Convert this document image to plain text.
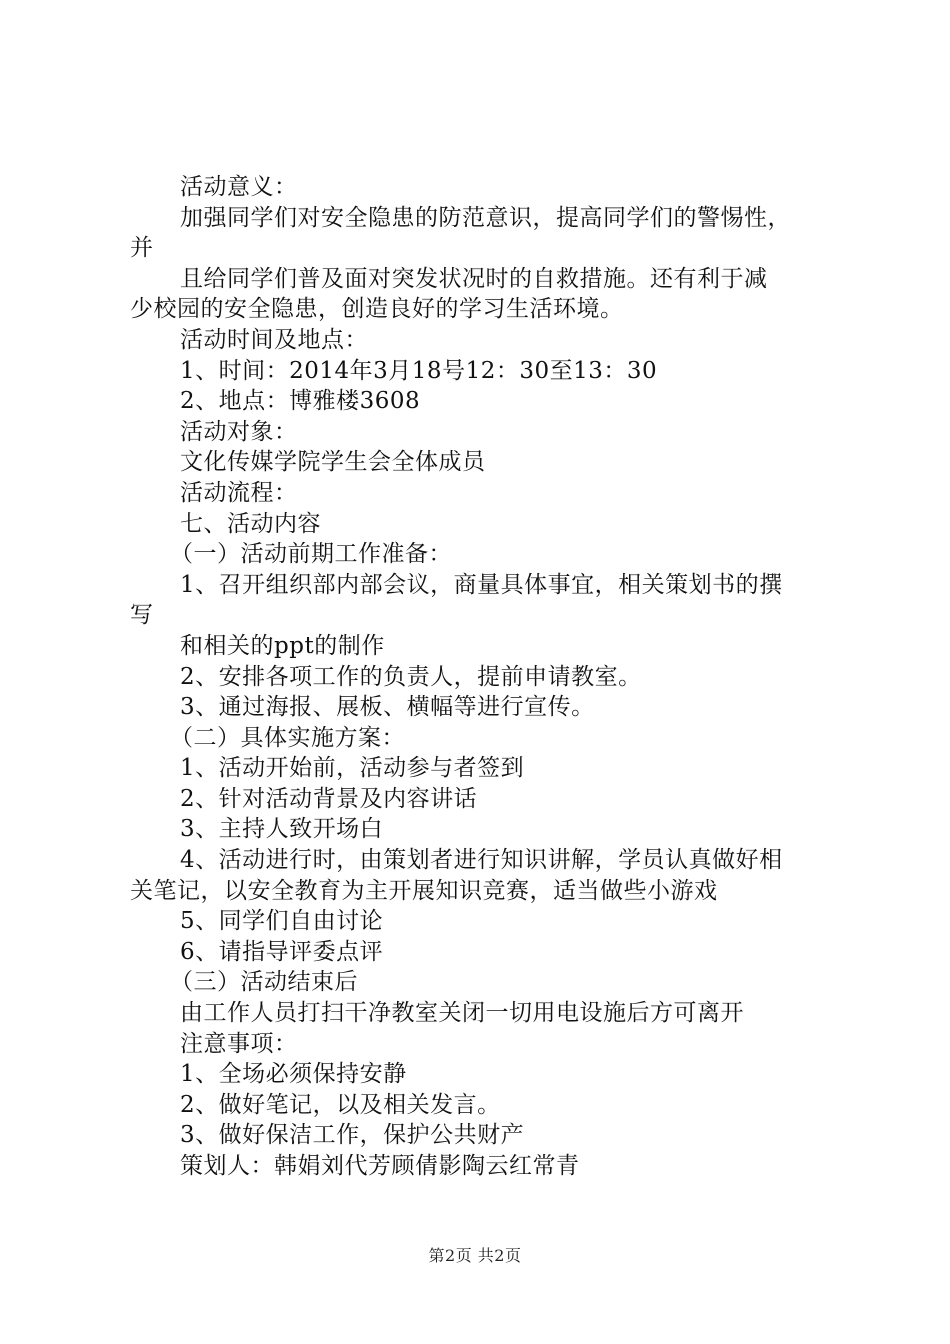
活动意义：
加强同学们对安全隐患的防范意识，提高同学们的警惕性，
并
且给同学们普及面对突发状况时的自救措施。还有利于减
少校园的安全隐患，创造良好的学习生活环境。
活动时间及地点：
1、时间：2014年3月18号12：30至13：30
2、地点：博雅楼3608
活动对象：
文化传媒学院学生会全体成员
活动流程：
七、活动内容
（一）活动前期工作准备：
1、召开组织部内部会议，商量具体事宜，相关策划书的撰
写
和相关的ppt的制作
2、安排各项工作的负责人，提前申请教室。
3、通过海报、展板、横幅等进行宣传。
（二）具体实施方案：
1、活动开始前，活动参与者签到
2、针对活动背景及内容讲话
3、主持人致开场白
4、活动进行时，由策划者进行知识讲解，学员认真做好相
关笔记，以安全教育为主开展知识竞赛，适当做些小游戏
5、同学们自由讨论
6、请指导评委点评
（三）活动结束后
由工作人员打扫干净教室关闭一切用电设施后方可离开
注意事项：
1、全场必须保持安静
2、做好笔记，以及相关发言。
3、做好保洁工作，保护公共财产
策划人：韩娟刘代芳顾倩影陶云红常青
第2页 共2页
